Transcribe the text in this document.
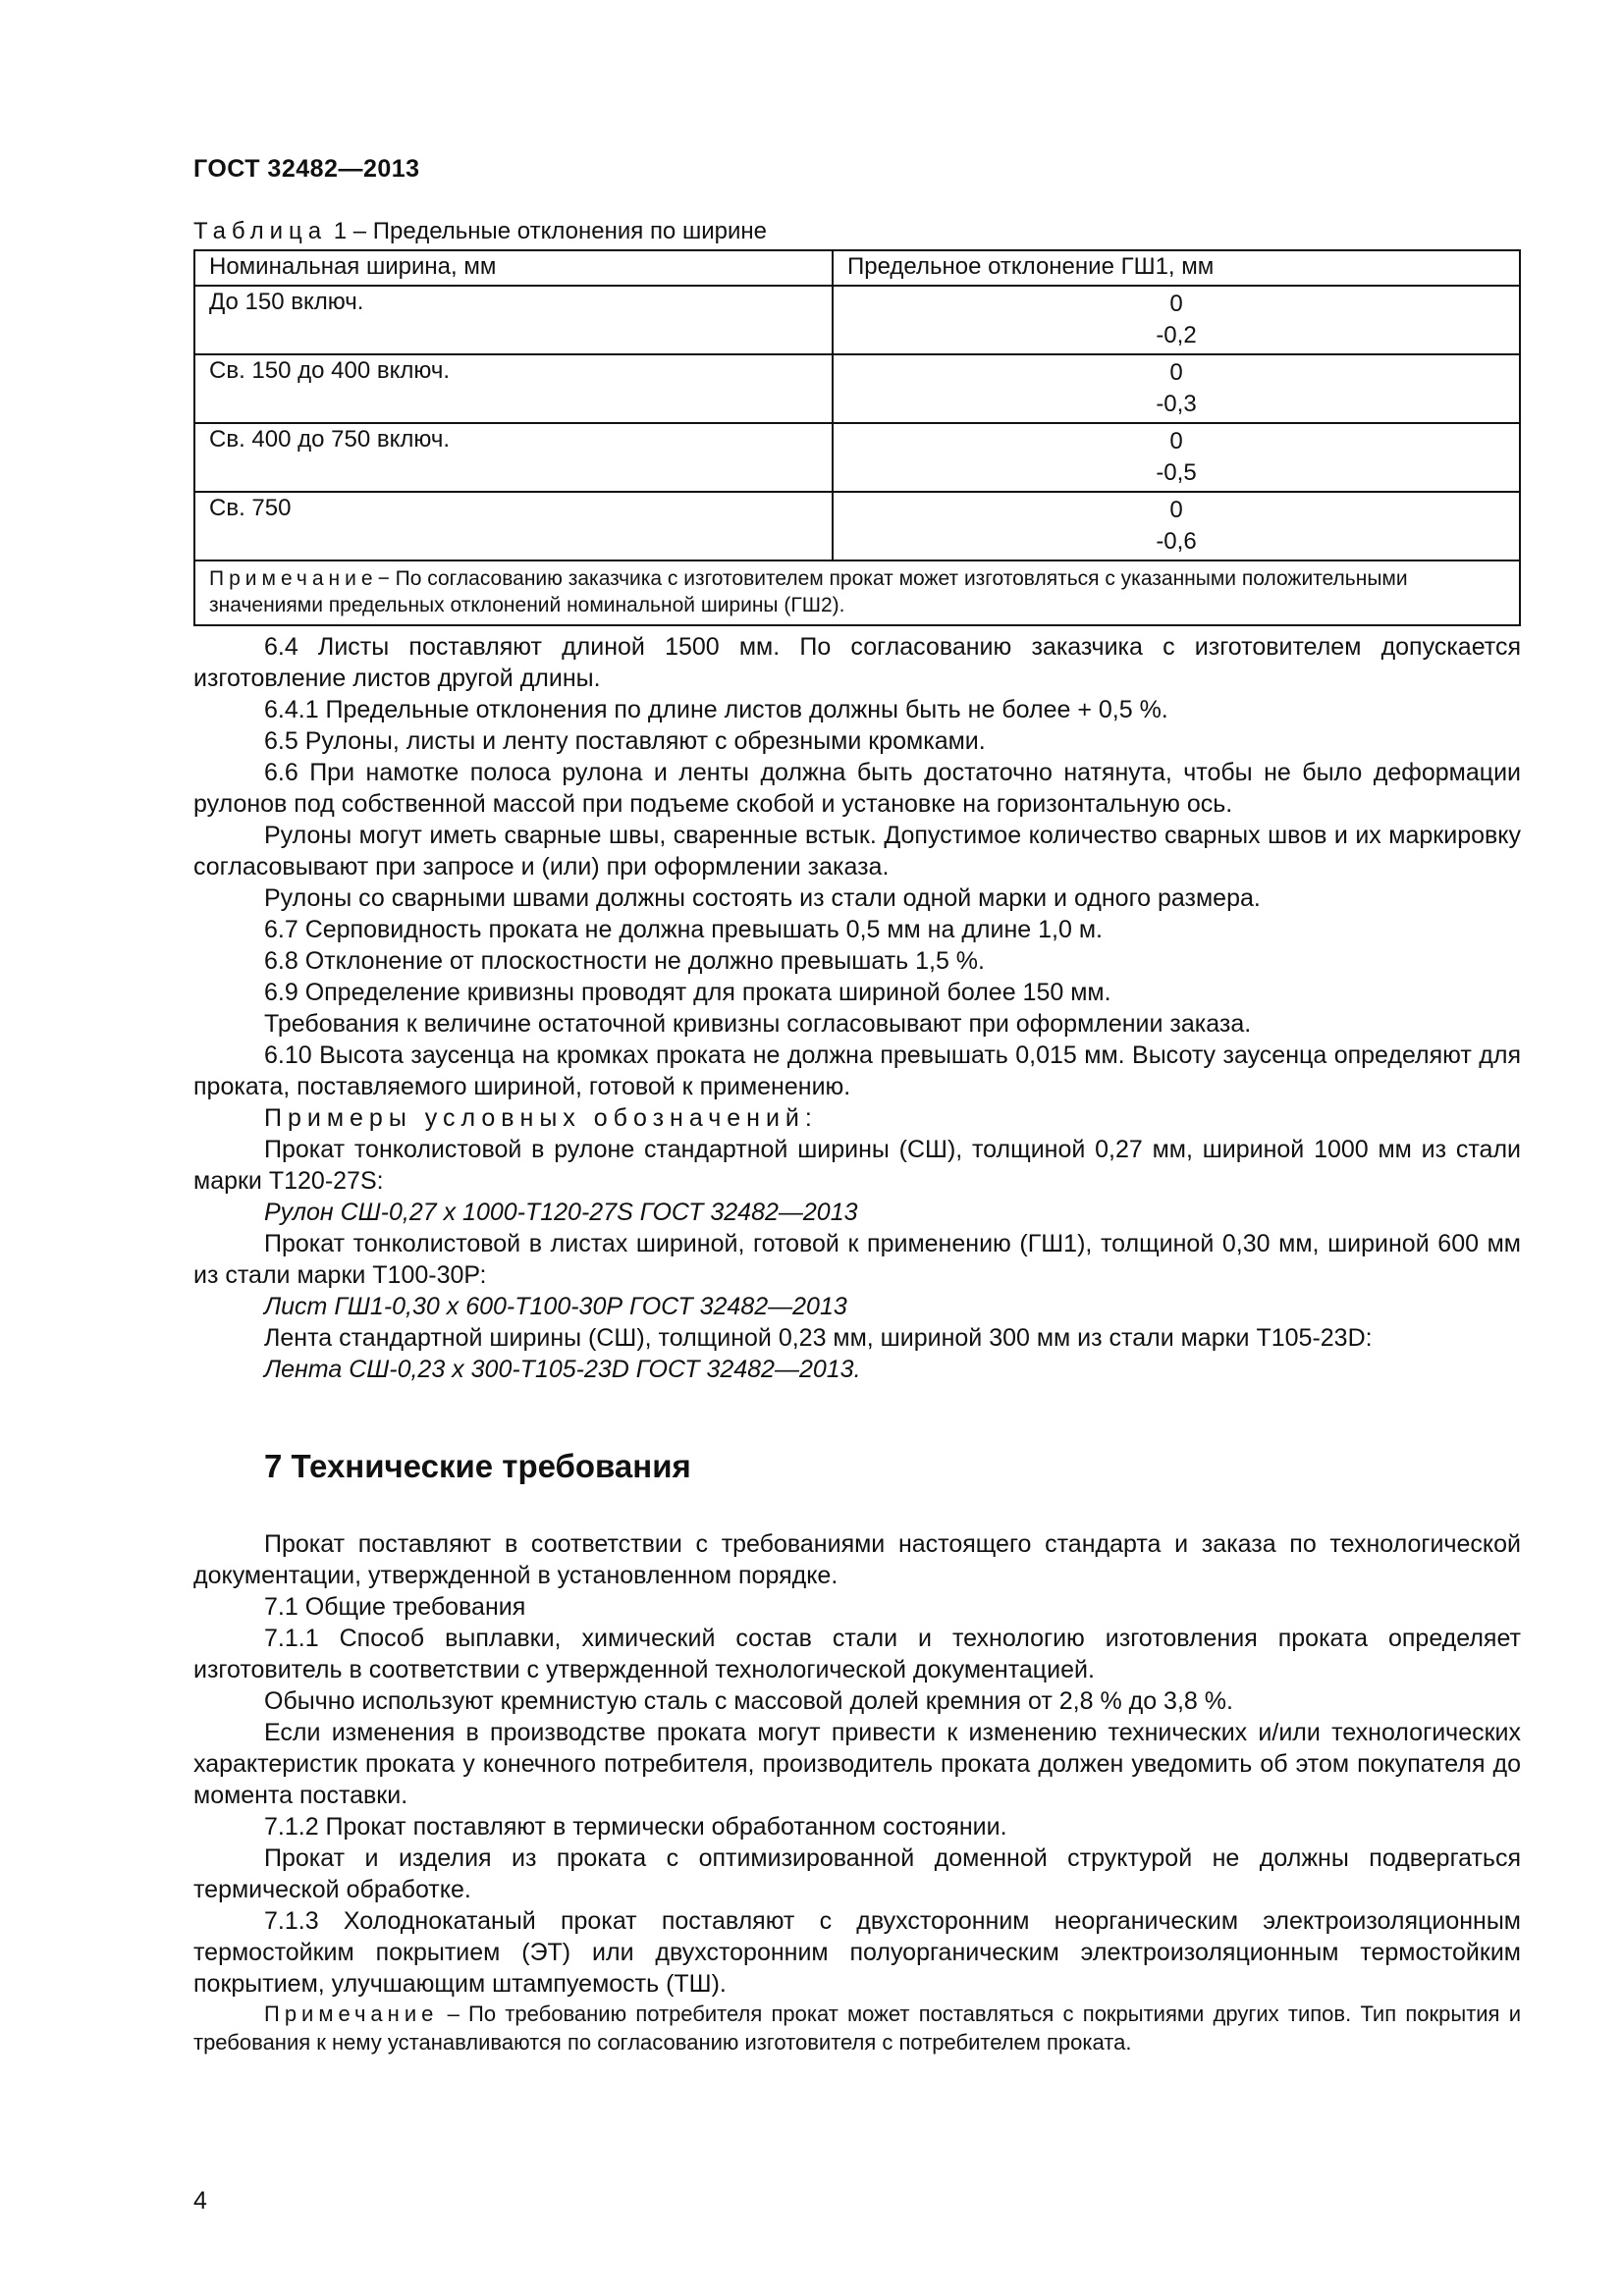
ГОСТ 32482—2013
Таблица 1 – Предельные отклонения по ширине
Номинальная ширина, мм	Предельное отклонение ГШ1, мм
До 150 включ.	0
-0,2

Св. 150 до 400 включ.	0
-0,3

Св. 400 до 750 включ.	0
-0,5

Св. 750	0
-0,6

Примечание− По согласованию заказчика с изготовителем прокат может изготовляться с указанными положительными значениями предельных отклонений номинальной ширины (ГШ2).	

6.4 Листы поставляют длиной 1500 мм. По согласованию заказчика с изготовителем допускается изготовление листов другой длины.

6.4.1 Предельные отклонения по длине листов должны быть не более + 0,5 %.

6.5 Рулоны, листы и ленту поставляют с обрезными кромками.

6.6 При намотке полоса рулона и ленты должна быть достаточно натянута, чтобы не было деформации рулонов под собственной массой при подъеме скобой и установке на горизонтальную ось.

Рулоны могут иметь сварные швы, сваренные встык. Допустимое количество сварных швов и их маркировку согласовывают при запросе и (или) при оформлении заказа.

Рулоны со сварными швами должны состоять из стали одной марки и одного размера.

6.7 Серповидность проката не должна превышать 0,5 мм на длине 1,0 м.

6.8 Отклонение от плоскостности не должно превышать 1,5 %.

6.9 Определение кривизны проводят для проката шириной более 150 мм.

Требования к величине остаточной кривизны согласовывают при оформлении заказа.

6.10 Высота заусенца на кромках проката не должна превышать 0,015 мм. Высоту заусенца определяют для проката, поставляемого шириной, готовой к применению.

Примеры условных обозначений:

Прокат тонколистовой в рулоне стандартной ширины (СШ), толщиной 0,27 мм, шириной 1000 мм из стали марки Т120-27S:

Рулон СШ-0,27 х 1000-Т120-27S ГОСТ 32482—2013

Прокат тонколистовой в листах шириной, готовой к применению (ГШ1), толщиной 0,30 мм, шириной 600 мм из стали марки Т100-30Р:

Лист ГШ1-0,30 х 600-Т100-30Р ГОСТ 32482—2013

Лента стандартной ширины (СШ), толщиной 0,23 мм, шириной 300 мм из стали марки Т105-23D:

Лента СШ-0,23 х 300-Т105-23D ГОСТ 32482—2013.

7 Технические требования

Прокат поставляют в соответствии с требованиями настоящего стандарта и заказа по технологической документации, утвержденной в установленном порядке.

7.1 Общие требования

7.1.1 Способ выплавки, химический состав стали и технологию изготовления проката определяет изготовитель в соответствии с утвержденной технологической документацией.

Обычно используют кремнистую сталь с массовой долей кремния от 2,8 % до 3,8 %.

Если изменения в производстве проката могут привести к изменению технических и/или технологических характеристик проката у конечного потребителя, производитель проката должен уведомить об этом покупателя до момента поставки.

7.1.2 Прокат поставляют в термически обработанном состоянии.

Прокат и изделия из проката с оптимизированной доменной структурой не должны подвергаться термической обработке.

7.1.3 Холоднокатаный прокат поставляют с двухсторонним неорганическим электроизоляционным термостойким покрытием (ЭТ) или двухсторонним полуорганическим электроизоляционным термостойким покрытием, улучшающим штампуемость (ТШ).

Примечание – По требованию потребителя прокат может поставляться с покрытиями других типов. Тип покрытия и требования к нему устанавливаются по согласованию изготовителя с потребителем проката.

4
